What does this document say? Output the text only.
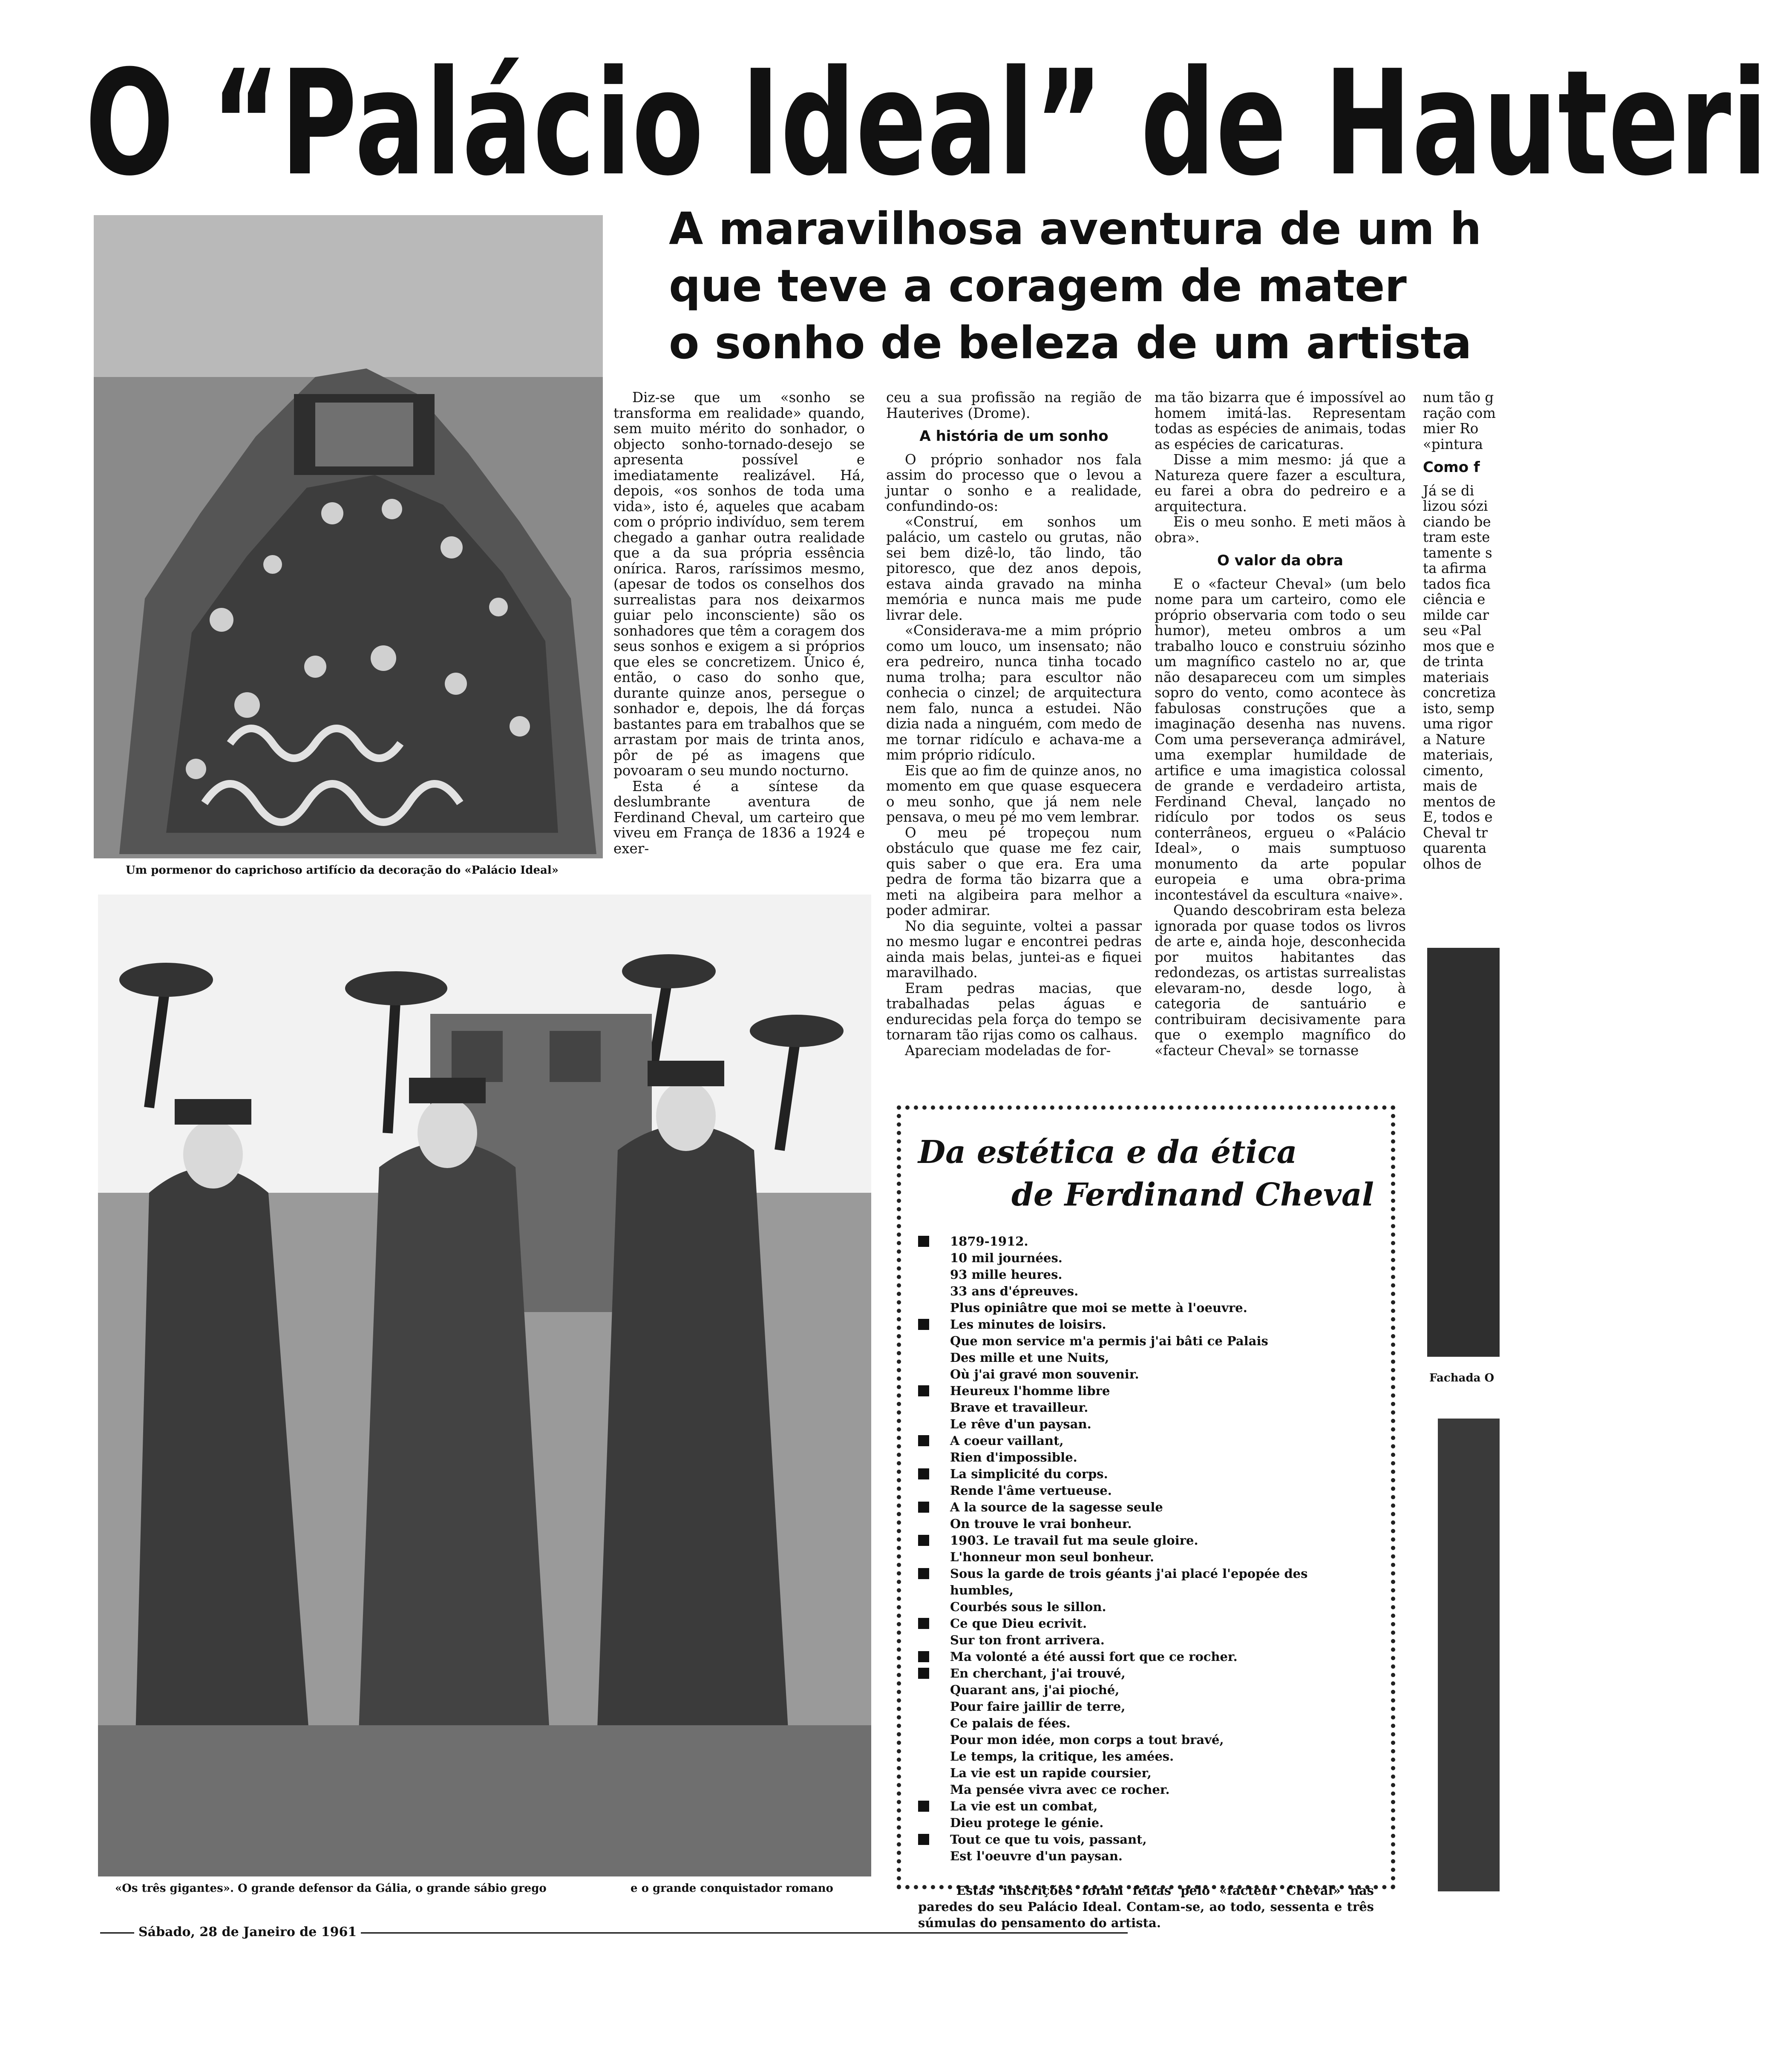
O “Palácio Ideal” de Hauteri
A maravilhosa aventura de um h
que teve a coragem de mater
o sonho de beleza de um artista
Um pormenor do caprichoso artifício da decoração do «Palácio Ideal»
«Os três gigantes». O grande defensor da Gália, o grande sábio grego	e o grande conquistador romano

Diz-se que um «sonho se transforma em realidade» quando, sem muito mérito do sonhador, o objecto sonho-tornado-desejo se apresenta possível e imediatamente realizável. Há, depois, «os sonhos de toda uma vida», isto é, aqueles que acabam com o próprio indivíduo, sem terem chegado a ganhar outra realidade que a da sua própria essência onírica. Raros, raríssimos mesmo, (apesar de todos os conselhos dos surrealistas para nos deixarmos guiar pelo inconsciente) são os sonhadores que têm a coragem dos seus sonhos e exigem a si próprios que eles se concretizem. Único é, então, o caso do sonho que, durante quinze anos, persegue o sonhador e, depois, lhe dá forças bastantes para em trabalhos que se arrastam por mais de trinta anos, pôr de pé as imagens que povoaram o seu mundo nocturno.

Esta é a síntese da deslumbrante aventura de Ferdinand Cheval, um carteiro que viveu em França de 1836 a 1924 e exer-

ceu a sua profissão na região de Hauterives (Drome).

A história de um sonho

O próprio sonhador nos fala assim do processo que o levou a juntar o sonho e a realidade, confundindo-os:

«Construí, em sonhos um palácio, um castelo ou grutas, não sei bem dizê-lo, tão lindo, tão pitoresco, que dez anos depois, estava ainda gravado na minha memória e nunca mais me pude livrar dele.

«Considerava-me a mim próprio como um louco, um insensato; não era pedreiro, nunca tinha tocado numa trolha; para escultor não conhecia o cinzel; de arquitectura nem falo, nunca a estudei. Não dizia nada a ninguém, com medo de me tornar ridículo e achava-me a mim próprio ridículo.

Eis que ao fim de quinze anos, no momento em que quase esquecera o meu sonho, que já nem nele pensava, o meu pé mo vem lembrar.

O meu pé tropeçou num obstáculo que quase me fez cair, quis saber o que era. Era uma pedra de forma tão bizarra que a meti na algibeira para melhor a poder admirar.

No dia seguinte, voltei a passar no mesmo lugar e encontrei pedras ainda mais belas, juntei-as e fiquei maravilhado.

Eram pedras macias, que trabalhadas pelas águas e endurecidas pela força do tempo se tornaram tão rijas como os calhaus.

Apareciam modeladas de for-

ma tão bizarra que é impossível ao homem imitá-las. Representam todas as espécies de animais, todas as espécies de caricaturas.

Disse a mim mesmo: já que a Natureza quere fazer a escultura, eu farei a obra do pedreiro e a arquitectura.

Eis o meu sonho. E meti mãos à obra».

O valor da obra

E o «facteur Cheval» (um belo nome para um carteiro, como ele próprio observaria com todo o seu humor), meteu ombros a um trabalho louco e construiu sózinho um magnífico castelo no ar, que não desapareceu com um simples sopro do vento, como acontece às fabulosas construções que a imaginação desenha nas nuvens. Com uma perseverança admirável, uma exemplar humildade de artifice e uma imagistica colossal de grande e verdadeiro artista, Ferdinand Cheval, lançado no ridículo por todos os seus conterrâneos, ergueu o «Palácio Ideal», o mais sumptuoso monumento da arte popular europeia e uma obra-prima incontestável da escultura «naive».

Quando descobriram esta beleza ignorada por quase todos os livros de arte e, ainda hoje, desconhecida por muitos habitantes das redondezas, os artistas surrealistas elevaram-no, desde logo, à categoria de santuário e contribuiram decisivamente para que o exemplo magnífico do «facteur Cheval» se tornasse

num tão g
ração com
mier Ro
«pintura
Como f
Já se di
lizou sózi
ciando be
tram este
tamente s
ta afirma
tados fica
ciência e
milde car
seu «Pal
mos que e
de trinta
materiais
concretiza
isto, semp
uma rigor
a Nature
materiais,
cimento,
mais de
mentos de
E, todos e
Cheval tr
quarenta
olhos de
Fachada O

Da estética e da ética

de Ferdinand Cheval

1879-1912.
10 mil journées.
93 mille heures.
33 ans d'épreuves.
Plus opiniâtre que moi se mette à l'oeuvre.
Les minutes de loisirs.
Que mon service m'a permis j'ai bâti ce Palais
Des mille et une Nuits,
Où j'ai gravé mon souvenir.
Heureux l'homme libre
Brave et travailleur.
Le rêve d'un paysan.
A coeur vaillant,
Rien d'impossible.
La simplicité du corps.
Rende l'âme vertueuse.
A la source de la sagesse seule
On trouve le vrai bonheur.
1903. Le travail fut ma seule gloire.
L'honneur mon seul bonheur.
Sous la garde de trois géants j'ai placé l'epopée des humbles,
Courbés sous le sillon.
Ce que Dieu ecrivit.
Sur ton front arrivera.
Ma volonté a été aussi fort que ce rocher.
En cherchant, j'ai trouvé,
Quarant ans, j'ai pioché,
Pour faire jaillir de terre,
Ce palais de fées.
Pour mon idée, mon corps a tout bravé,
Le temps, la critique, les amées.
La vie est un rapide coursier,
Ma pensée vivra avec ce rocher.
La vie est un combat,
Dieu protege le génie.
Tout ce que tu vois, passant,
Est l'oeuvre d'un paysan.

Estas inscrições foram feitas pelo «facteur Cheval» nas paredes do seu Palácio Ideal. Contam-se, ao todo, sessenta e três súmulas do pensamento do artista.

Sábado, 28 de Janeiro de 1961
